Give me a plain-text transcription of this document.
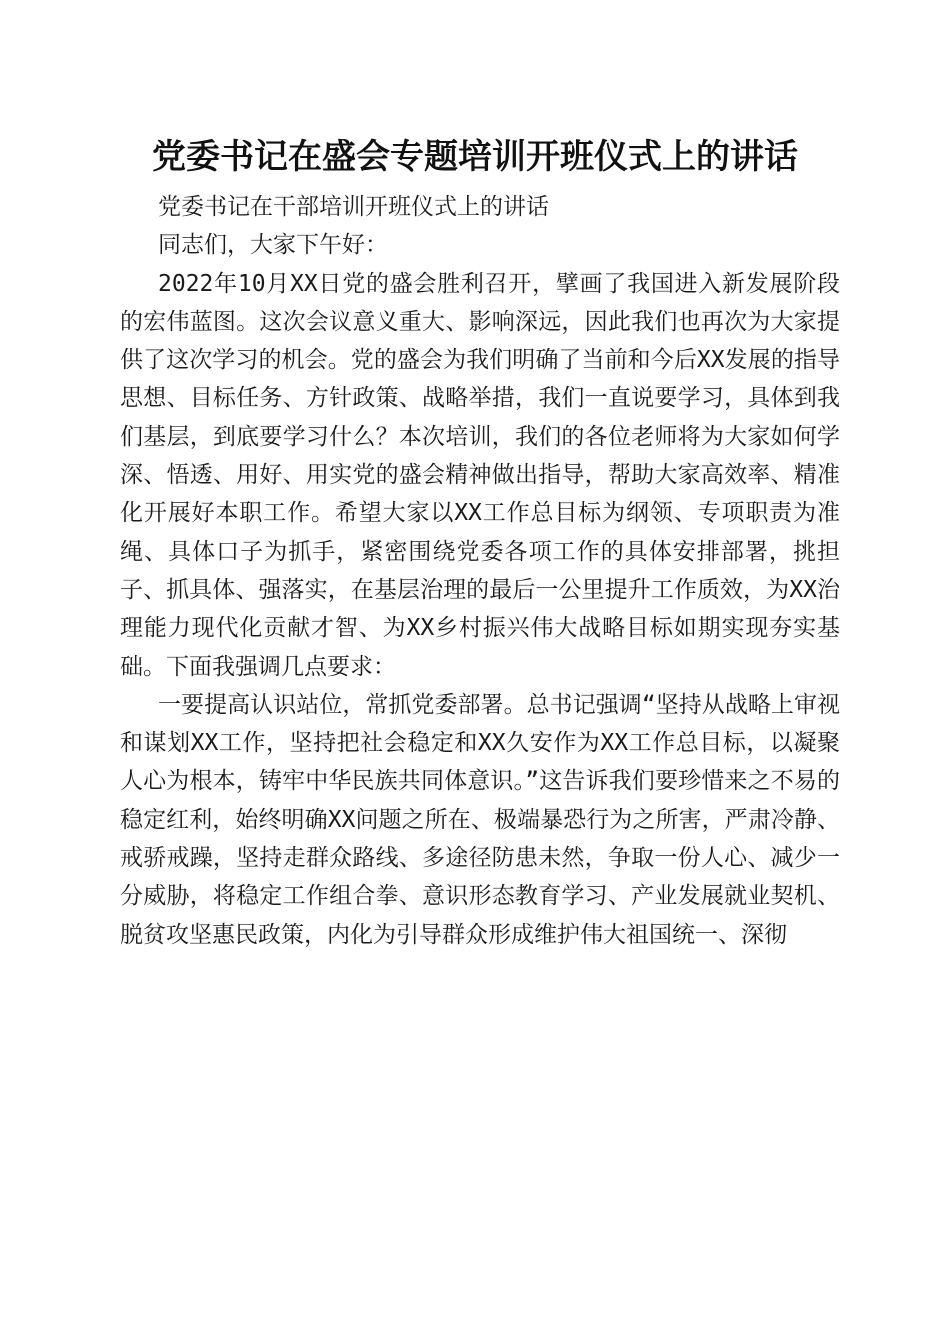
党委书记在盛会专题培训开班仪式上的讲话

党委书记在干部培训开班仪式上的讲话

同志们，大家下午好：

2022年10月XX日党的盛会胜利召开，擘画了我国进入新发展阶段的宏伟蓝图。这次会议意义重大、影响深远，因此我们也再次为大家提供了这次学习的机会。党的盛会为我们明确了当前和今后XX发展的指导思想、目标任务、方针政策、战略举措，我们一直说要学习，具体到我们基层，到底要学习什么？本次培训，我们的各位老师将为大家如何学深、悟透、用好、用实党的盛会精神做出指导，帮助大家高效率、精准化开展好本职工作。希望大家以XX工作总目标为纲领、专项职责为准绳、具体口子为抓手，紧密围绕党委各项工作的具体安排部署，挑担子、抓具体、强落实，在基层治理的最后一公里提升工作质效，为XX治理能力现代化贡献才智、为XX乡村振兴伟大战略目标如期实现夯实基础。下面我强调几点要求：

一要提高认识站位，常抓党委部署。总书记强调“坚持从战略上审视和谋划XX工作，坚持把社会稳定和XX久安作为XX工作总目标，以凝聚人心为根本，铸牢中华民族共同体意识。”这告诉我们要珍惜来之不易的稳定红利，始终明确XX问题之所在、极端暴恐行为之所害，严肃冷静、戒骄戒躁，坚持走群众路线、多途径防患未然，争取一份人心、减少一分威胁，将稳定工作组合拳、意识形态教育学习、产业发展就业契机、脱贫攻坚惠民政策，内化为引导群众形成维护伟大祖国统一、深彻
